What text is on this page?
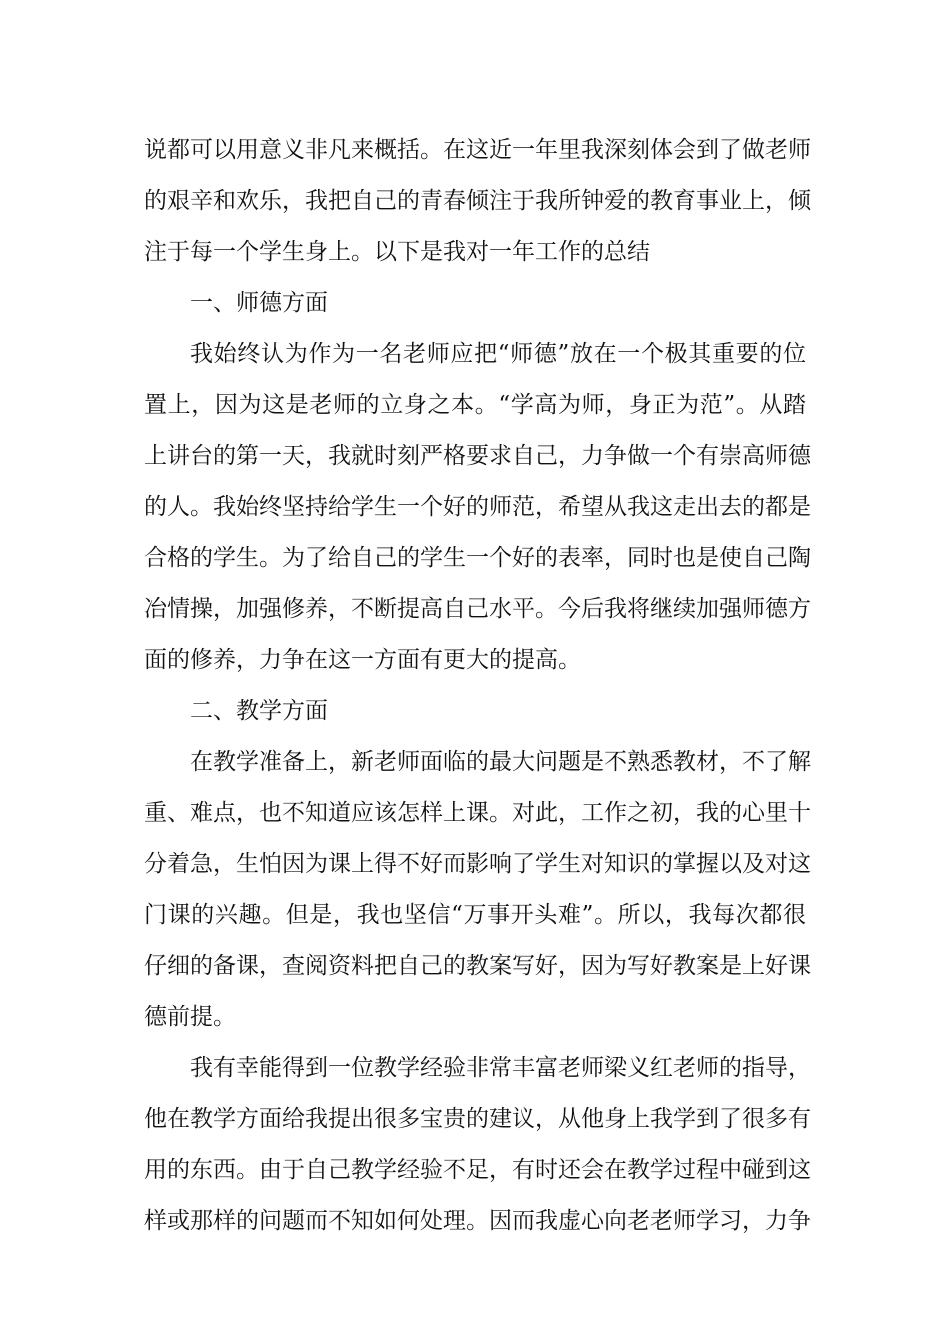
说都可以用意义非凡来概括。在这近一年里我深刻体会到了做老师
的艰辛和欢乐，我把自己的青春倾注于我所钟爱的教育事业上，倾
注于每一个学生身上。以下是我对一年工作的总结
一、师德方面
我始终认为作为一名老师应把“师德”放在一个极其重要的位
置上，因为这是老师的立身之本。“学高为师，身正为范”。从踏
上讲台的第一天，我就时刻严格要求自己，力争做一个有崇高师德
的人。我始终坚持给学生一个好的师范，希望从我这走出去的都是
合格的学生。为了给自己的学生一个好的表率，同时也是使自己陶
冶情操，加强修养，不断提高自己水平。今后我将继续加强师德方
面的修养，力争在这一方面有更大的提高。
二、教学方面
在教学准备上，新老师面临的最大问题是不熟悉教材，不了解
重、难点，也不知道应该怎样上课。对此，工作之初，我的心里十
分着急，生怕因为课上得不好而影响了学生对知识的掌握以及对这
门课的兴趣。但是，我也坚信“万事开头难”。所以，我每次都很
仔细的备课，查阅资料把自己的教案写好，因为写好教案是上好课
德前提。
我有幸能得到一位教学经验非常丰富老师梁义红老师的指导，
他在教学方面给我提出很多宝贵的建议，从他身上我学到了很多有
用的东西。由于自己教学经验不足，有时还会在教学过程中碰到这
样或那样的问题而不知如何处理。因而我虚心向老老师学习，力争
